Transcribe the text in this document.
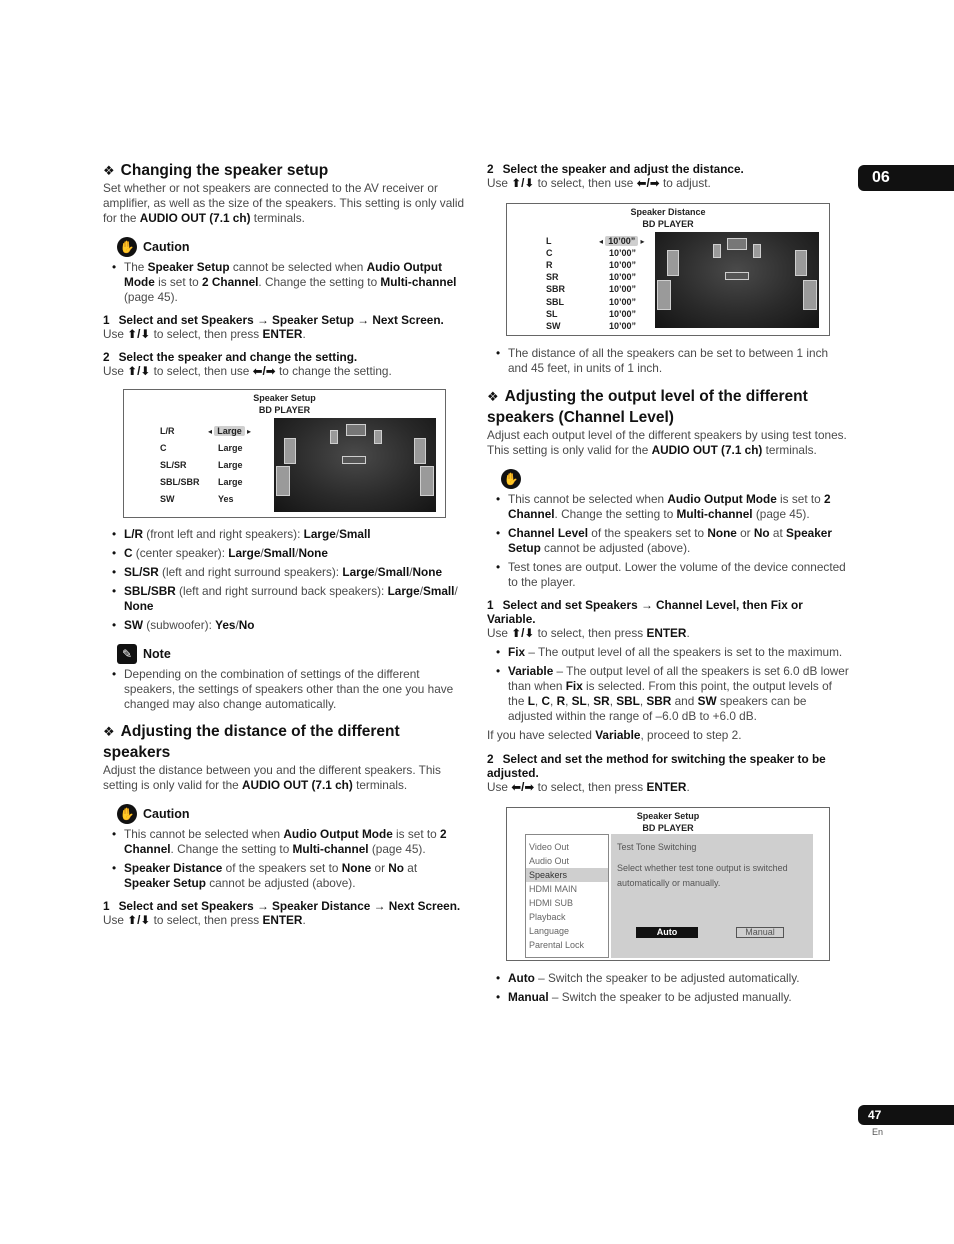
06
❖ Changing the speaker setup

Set whether or not speakers are connected to the AV receiver or amplifier, as well as the size of the speakers. This setting is only valid for the AUDIO OUT (7.1 ch) terminals.

✋ Caution
• The Speaker Setup cannot be selected when Audio Output Mode is set to 2 Channel. Change the setting to Multi-channel (page 45).

1 Select and set Speakers → Speaker Setup → Next Screen.

Use ⬆/⬇ to select, then press ENTER.

2 Select the speaker and change the setting.

Use ⬆/⬇ to select, then use ⬅/➡ to change the setting.

Speaker Setup
BD PLAYER
L/R	◂ Large ▸
C	Large
SL/SR	Large
SBL/SBR Large
SW	Yes
• L/R (front left and right speakers): Large/Small
• C (center speaker): Large/Small/None
• SL/SR (left and right surround speakers): Large/Small/None
• SBL/SBR (left and right surround back speakers): Large/Small/ None
• SW (subwoofer): Yes/No
✎ Note
• Depending on the combination of settings of the different speakers, the settings of speakers other than the one you have changed may also change automatically.
❖ Adjusting the distance of the different
speakers

Adjust the distance between you and the different speakers. This setting is only valid for the AUDIO OUT (7.1 ch) terminals.

✋ Caution
• This cannot be selected when Audio Output Mode is set to 2 Channel. Change the setting to Multi-channel (page 45).
• Speaker Distance of the speakers set to None or No at Speaker Setup cannot be adjusted (above).

1 Select and set Speakers → Speaker Distance → Next Screen.

Use ⬆/⬇ to select, then press ENTER.

2 Select the speaker and adjust the distance.

Use ⬆/⬇ to select, then use ⬅/➡ to adjust.

Speaker Distance
BD PLAYER
L	◂ 10’00” ▸
C	10’00”
R	10’00”
SR	10’00”
SBR	10’00”
SBL	10’00”
SL	10’00”
SW	10’00”
• The distance of all the speakers can be set to between 1 inch and 45 feet, in units of 1 inch.
❖ Adjusting the output level of the different
speakers (Channel Level)

Adjust each output level of the different speakers by using test tones. This setting is only valid for the AUDIO OUT (7.1 ch) terminals.

✋
• This cannot be selected when Audio Output Mode is set to 2 Channel. Change the setting to Multi-channel (page 45).
• Channel Level of the speakers set to None or No at Speaker Setup cannot be adjusted (above).
• Test tones are output. Lower the volume of the device connected to the player.

1 Select and set Speakers → Channel Level, then Fix or Variable.

Use ⬆/⬇ to select, then press ENTER.

• Fix – The output level of all the speakers is set to the maximum.
• Variable – The output level of all the speakers is set 6.0 dB lower than when Fix is selected. From this point, the output levels of the L, C, R, SL, SR, SBL, SBR and SW speakers can be adjusted within the range of –6.0 dB to +6.0 dB.

If you have selected Variable, proceed to step 2.

2 Select and set the method for switching the speaker to be adjusted.

Use ⬅/➡ to select, then press ENTER.

Speaker Setup
BD PLAYER
Video Out
Audio Out
Speakers
HDMI MAIN
HDMI SUB
Playback
Language
Parental Lock
Test Tone Switching
Select whether test tone output is switched automatically or manually.
Auto	Manual
• Auto – Switch the speaker to be adjusted automatically.
• Manual – Switch the speaker to be adjusted manually.
47
En
